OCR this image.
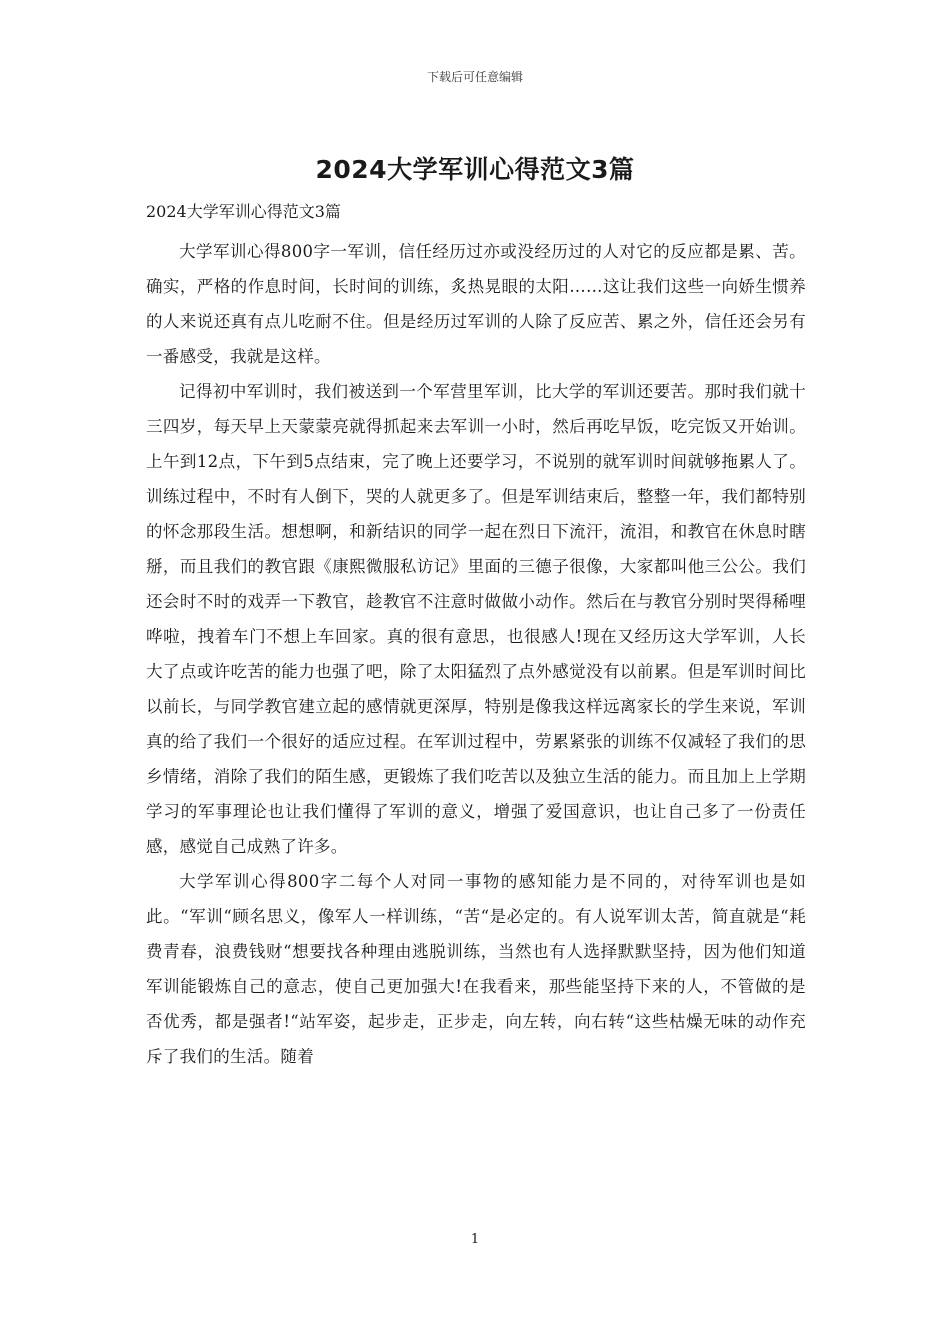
下载后可任意编辑
2024大学军训心得范文3篇
2024大学军训心得范文3篇

大学军训心得800字一军训，信任经历过亦或没经历过的人对它的反应都是累、苦。确实，严格的作息时间，长时间的训练，炙热晃眼的太阳……这让我们这些一向娇生惯养的人来说还真有点儿吃耐不住。但是经历过军训的人除了反应苦、累之外，信任还会另有一番感受，我就是这样。

记得初中军训时，我们被送到一个军营里军训，比大学的军训还要苦。那时我们就十三四岁，每天早上天蒙蒙亮就得抓起来去军训一小时，然后再吃早饭，吃完饭又开始训。上午到12点，下午到5点结束，完了晚上还要学习，不说别的就军训时间就够拖累人了。训练过程中，不时有人倒下，哭的人就更多了。但是军训结束后，整整一年，我们都特别的怀念那段生活。想想啊，和新结识的同学一起在烈日下流汗，流泪，和教官在休息时瞎掰，而且我们的教官跟《康熙微服私访记》里面的三德子很像，大家都叫他三公公。我们还会时不时的戏弄一下教官，趁教官不注意时做做小动作。然后在与教官分别时哭得稀哩哗啦，拽着车门不想上车回家。真的很有意思，也很感人!现在又经历这大学军训，人长大了点或许吃苦的能力也强了吧，除了太阳猛烈了点外感觉没有以前累。但是军训时间比以前长，与同学教官建立起的感情就更深厚，特别是像我这样远离家长的学生来说，军训真的给了我们一个很好的适应过程。在军训过程中，劳累紧张的训练不仅减轻了我们的思乡情绪，消除了我们的陌生感，更锻炼了我们吃苦以及独立生活的能力。而且加上上学期学习的军事理论也让我们懂得了军训的意义，增强了爱国意识，也让自己多了一份责任感，感觉自己成熟了许多。

大学军训心得800字二每个人对同一事物的感知能力是不同的，对待军训也是如此。“军训“顾名思义，像军人一样训练，“苦“是必定的。有人说军训太苦，简直就是“耗费青春，浪费钱财“想要找各种理由逃脱训练，当然也有人选择默默坚持，因为他们知道军训能锻炼自己的意志，使自己更加强大!在我看来，那些能坚持下来的人，不管做的是否优秀，都是强者!“站军姿，起步走，正步走，向左转，向右转“这些枯燥无味的动作充斥了我们的生活。随着

1
